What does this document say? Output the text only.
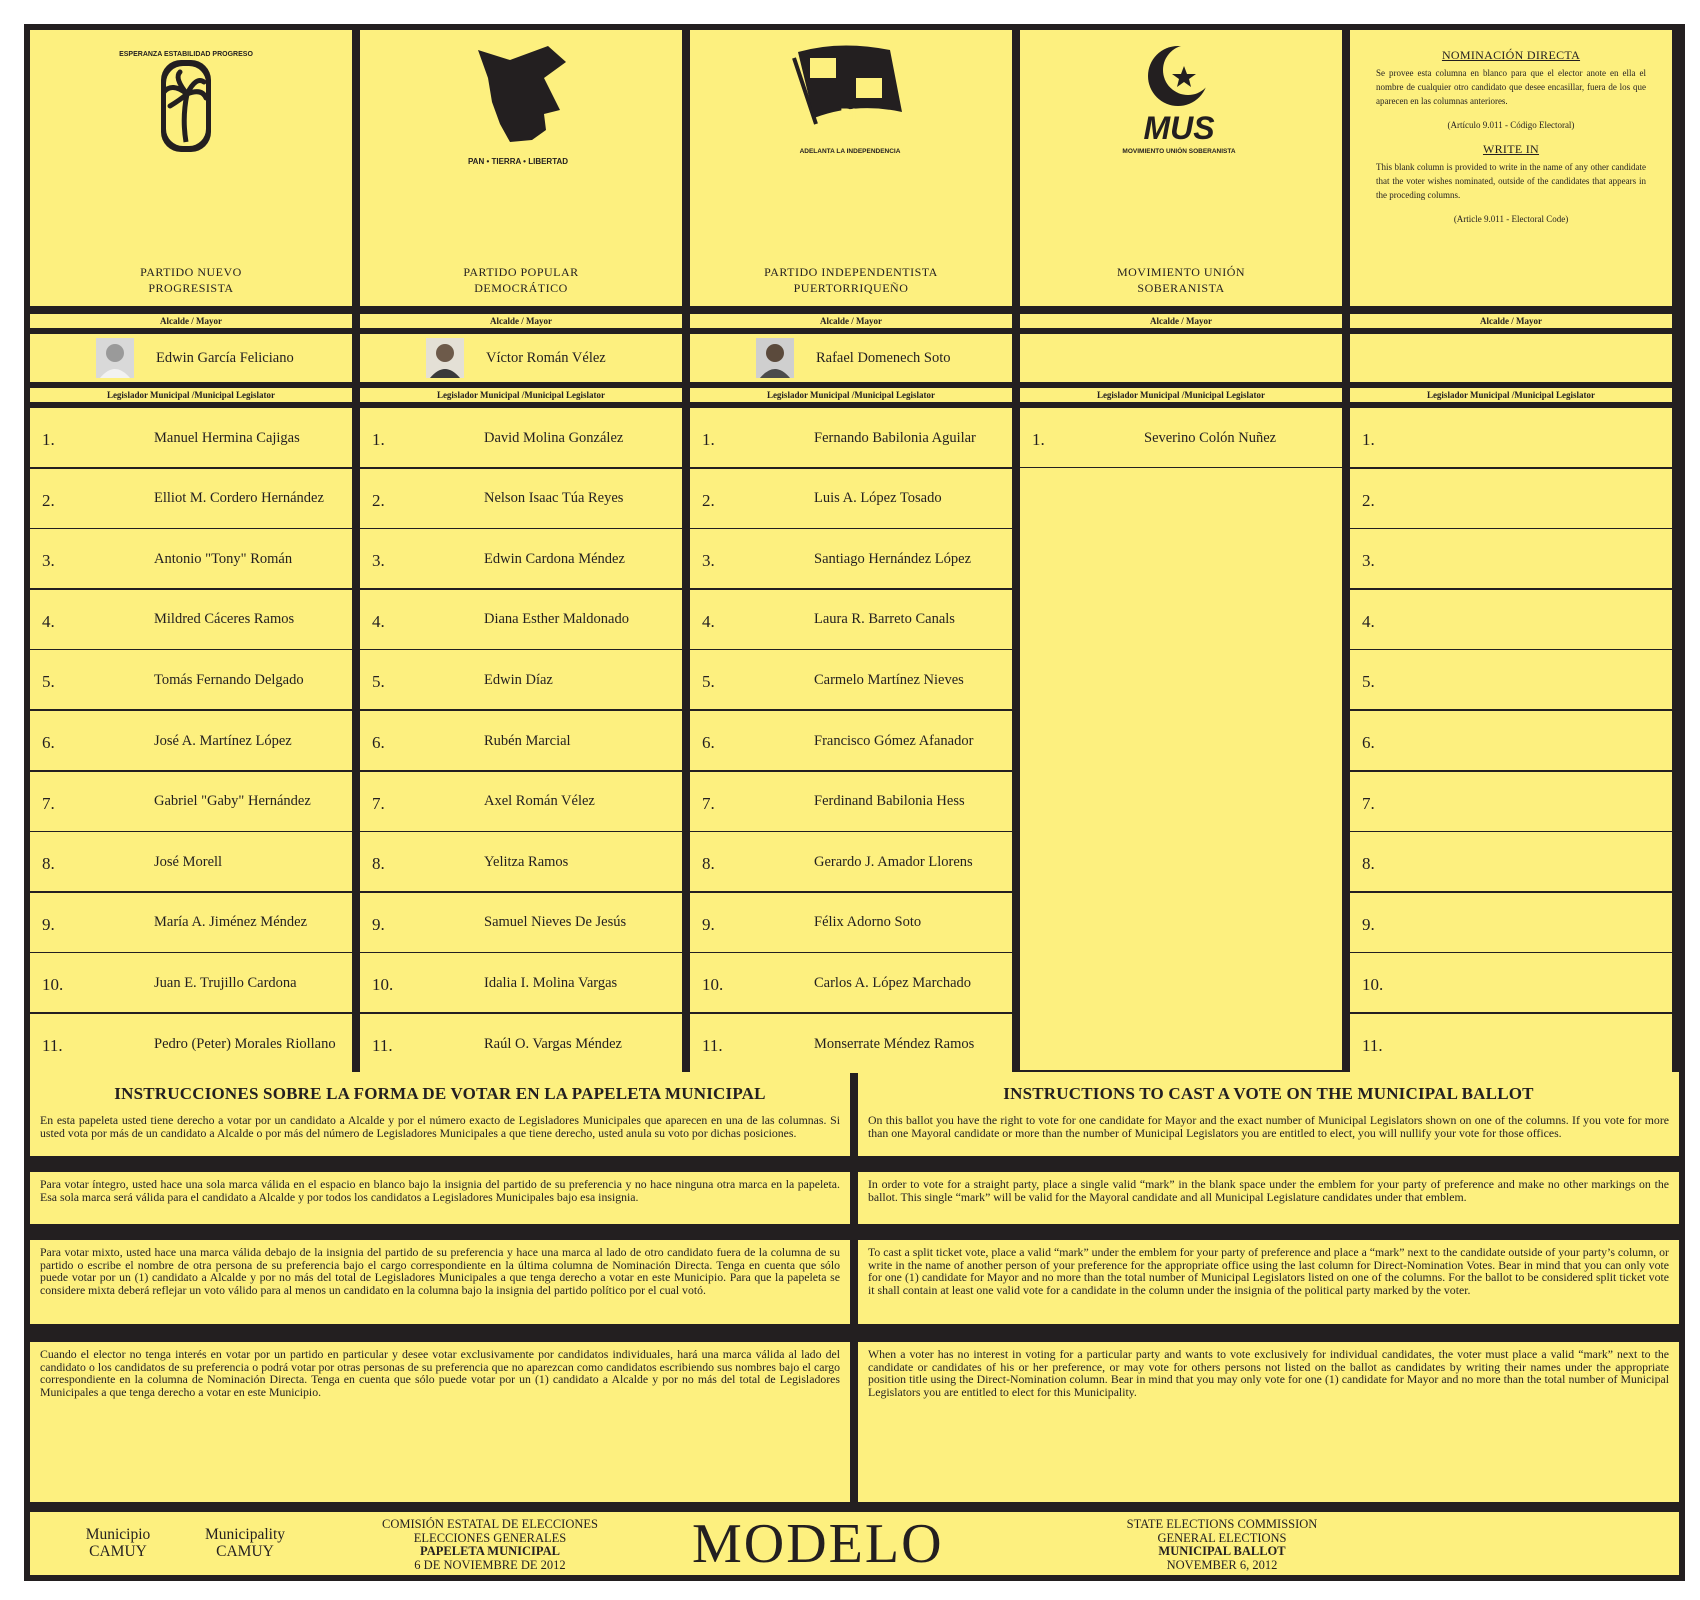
ESPERANZA ESTABILIDAD PROGRESO
PARTIDO NUEVO
PROGRESISTA
Alcalde / Mayor
Edwin García Feliciano
Legislador Municipal /Municipal Legislator
1.	Manuel Hermina Cajigas
2.	Elliot M. Cordero Hernández
3.	Antonio "Tony" Román
4.	Mildred Cáceres Ramos
5.	Tomás Fernando Delgado
6.	José A. Martínez López
7.	Gabriel "Gaby" Hernández
8.	José Morell
9.	María A. Jiménez Méndez
10.	Juan E. Trujillo Cardona
11.	Pedro (Peter) Morales Riollano
PAN • TIERRA • LIBERTAD
PARTIDO POPULAR
DEMOCRÁTICO
Alcalde / Mayor
Víctor Román Vélez
Legislador Municipal /Municipal Legislator
1.	David Molina González
2.	Nelson Isaac Túa Reyes
3.	Edwin Cardona Méndez
4.	Diana Esther Maldonado
5.	Edwin Díaz
6.	Rubén Marcial
7.	Axel Román Vélez
8.	Yelitza Ramos
9.	Samuel Nieves De Jesús
10.	Idalia I. Molina Vargas
11.	Raúl O. Vargas Méndez
PIP
ADELANTA LA INDEPENDENCIA
PARTIDO INDEPENDENTISTA
PUERTORRIQUEÑO
Alcalde / Mayor
Rafael Domenech Soto
Legislador Municipal /Municipal Legislator
1.	Fernando Babilonia Aguilar
2.	Luis A. López Tosado
3.	Santiago Hernández López
4.	Laura R. Barreto Canals
5.	Carmelo Martínez Nieves
6.	Francisco Gómez Afanador
7.	Ferdinand Babilonia Hess
8.	Gerardo J. Amador Llorens
9.	Félix Adorno Soto
10.	Carlos A. López Marchado
11.	Monserrate Méndez Ramos
MUS
MOVIMIENTO UNIÓN SOBERANISTA
MOVIMIENTO UNIÓN
SOBERANISTA
Alcalde / Mayor
Legislador Municipal /Municipal Legislator
1.	Severino Colón Nuñez
NOMINACIÓN DIRECTA
Se provee esta columna en blanco para que el elector anote en ella el nombre de cualquier otro candidato que desee encasillar, fuera de los que aparecen en las columnas anteriores.
(Artículo 9.011 - Código Electoral)
WRITE IN
This blank column is provided to write in the name of any other candidate that the voter wishes nominated, outside of the candidates that appears in the proceding columns.
(Article 9.011 - Electoral Code)
Alcalde / Mayor
Legislador Municipal /Municipal Legislator
1.
2.
3.
4.
5.
6.
7.
8.
9.
10.
11.
INSTRUCCIONES SOBRE LA FORMA DE VOTAR EN LA PAPELETA MUNICIPAL
En esta papeleta usted tiene derecho a votar por un candidato a Alcalde y por el número exacto de Legisladores Municipales que aparecen en una de las columnas. Si usted vota por más de un candidato a Alcalde o por más del número de Legisladores Municipales a que tiene derecho, usted anula su voto por dichas posiciones.
INSTRUCTIONS TO CAST A VOTE ON THE MUNICIPAL BALLOT
On this ballot you have the right to vote for one candidate for Mayor and the exact number of Municipal Legislators shown on one of the columns. If you vote for more than one Mayoral candidate or more than the number of Municipal Legislators you are entitled to elect, you will nullify your vote for those offices.
Para votar íntegro, usted hace una sola marca válida en el espacio en blanco bajo la insignia del partido de su preferencia y no hace ninguna otra marca en la papeleta. Esa sola marca será válida para el candidato a Alcalde y por todos los candidatos a Legisladores Municipales bajo esa insignia.
In order to vote for a straight party, place a single valid “mark” in the blank space under the emblem for your party of preference and make no other markings on the ballot. This single “mark” will be valid for the Mayoral candidate and all Municipal Legislature candidates under that emblem.
Para votar mixto, usted hace una marca válida debajo de la insignia del partido de su preferencia y hace una marca al lado de otro candidato fuera de la columna de su partido o escribe el nombre de otra persona de su preferencia bajo el cargo correspondiente en la última columna de Nominación Directa. Tenga en cuenta que sólo puede votar por un (1) candidato a Alcalde y por no más del total de Legisladores Municipales a que tenga derecho a votar en este Municipio. Para que la papeleta se considere mixta deberá reflejar un voto válido para al menos un candidato en la columna bajo la insignia del partido político por el cual votó.
To cast a split ticket vote, place a valid “mark” under the emblem for your party of preference and place a “mark” next to the candidate outside of your party’s column, or write in the name of another person of your preference for the appropriate office using the last column for Direct-Nomination Votes. Bear in mind that you can only vote for one (1) candidate for Mayor and no more than the total number of Municipal Legislators listed on one of the columns. For the ballot to be considered split ticket vote it shall contain at least one valid vote for a candidate in the column under the insignia of the political party marked by the voter.
Cuando el elector no tenga interés en votar por un partido en particular y desee votar exclusivamente por candidatos individuales, hará una marca válida al lado del candidato o los candidatos de su preferencia o podrá votar por otras personas de su preferencia que no aparezcan como candidatos escribiendo sus nombres bajo el cargo correspondiente en la columna de Nominación Directa. Tenga en cuenta que sólo puede votar por un (1) candidato a Alcalde y por no más del total de Legisladores Municipales a que tenga derecho a votar en este Municipio.
When a voter has no interest in voting for a particular party and wants to vote exclusively for individual candidates, the voter must place a valid “mark” next to the candidate or candidates of his or her preference, or may vote for others persons not listed on the ballot as candidates by writing their names under the appropriate position title using the Direct-Nomination column. Bear in mind that you may only vote for one (1) candidate for Mayor and no more than the total number of Municipal Legislators you are entitled to elect for this Municipality.
Municipio
CAMUY
Municipality
CAMUY
COMISIÓN ESTATAL DE ELECCIONES
ELECCIONES GENERALES
PAPELETA MUNICIPAL
6 DE NOVIEMBRE DE 2012	MODELO	STATE ELECTIONS COMMISSION
GENERAL ELECTIONS
MUNICIPAL BALLOT
NOVEMBER 6, 2012
